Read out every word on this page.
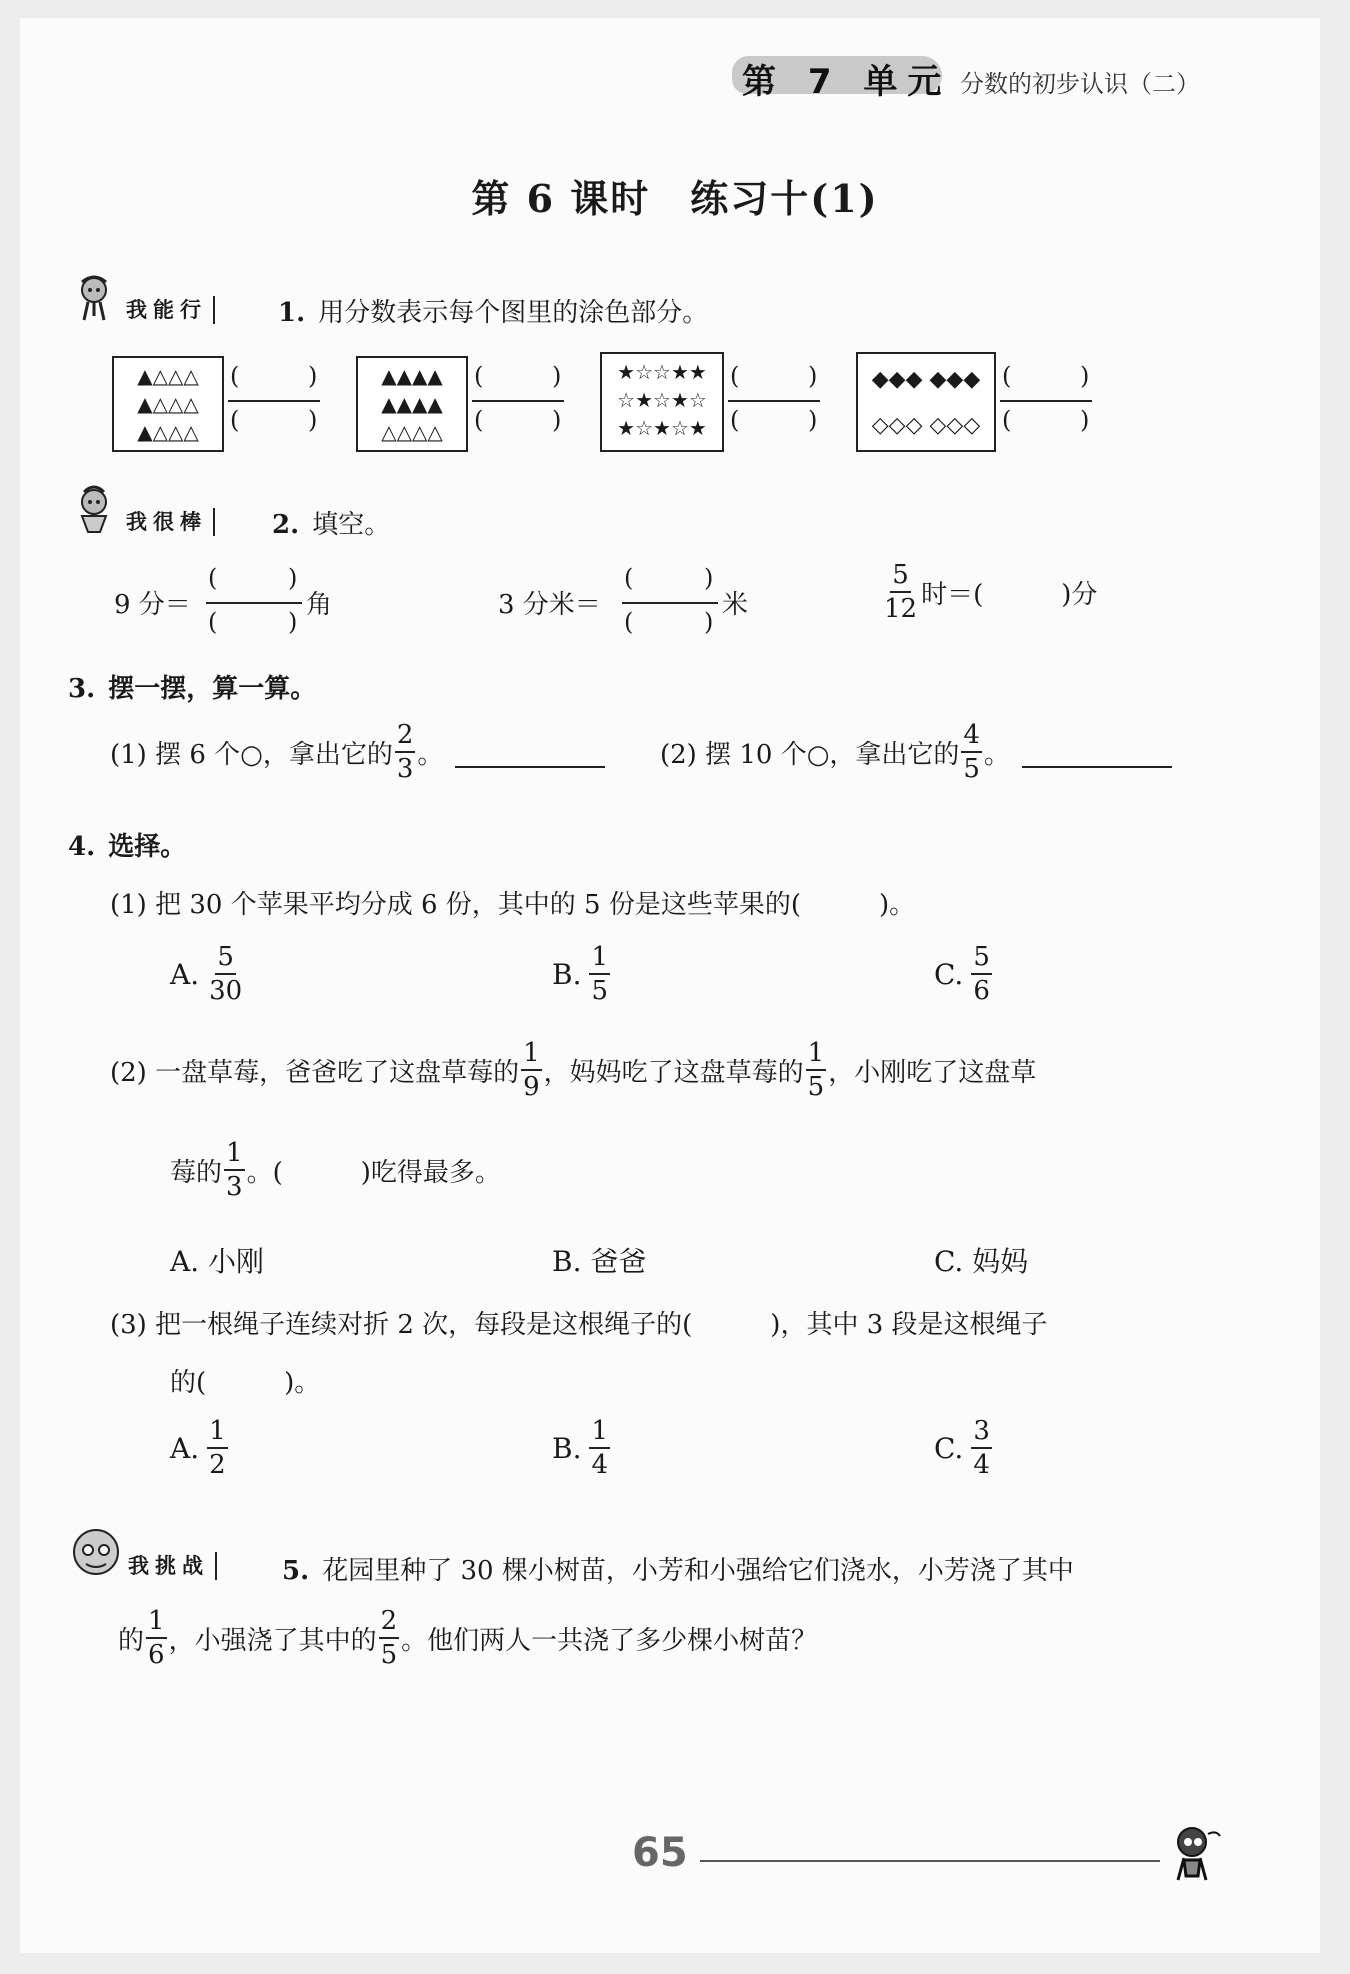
第 7 单元 分数的初步认识（二）
第 6 课时　练习十(1)
我能行	1. 用分数表示每个图里的涂色部分。
▲△△△
▲△△△
▲△△△
(	)
(	)
▲▲▲▲
▲▲▲▲
△△△△
(	)
(	)
★☆☆★★
☆★☆★☆
★☆★☆★
(	)
(	)
◆◆◆ ◆◆◆
◇◇◇ ◇◇◇
(	)
(	)
我很棒	2. 填空。
9 分＝
(	)
(	)
角	3 分米＝
(	)
(	)
米	$\frac{5}{12}$ 时＝(　　　)分
3. 摆一摆，算一算。
(1) 摆 6 个○，拿出它的 $\frac{2}{3}$ 。	(2) 摆 10 个○，拿出它的 $\frac{4}{5}$ 。
4. 选择。
(1) 把 30 个苹果平均分成 6 份，其中的 5 份是这些苹果的(　　　)。
A. $\frac{5}{30}$	B. $\frac{1}{5}$	C. $\frac{5}{6}$
(2) 一盘草莓，爸爸吃了这盘草莓的 $\frac{1}{9}$ ，妈妈吃了这盘草莓的 $\frac{1}{5}$ ，小刚吃了这盘草
莓的 $\frac{1}{3}$ 。(　　　)吃得最多。
A. 小刚	B. 爸爸	C. 妈妈
(3) 把一根绳子连续对折 2 次，每段是这根绳子的(　　　)，其中 3 段是这根绳子
的(　　　)。
A. $\frac{1}{2}$	B. $\frac{1}{4}$	C. $\frac{3}{4}$
我挑战	5. 花园里种了 30 棵小树苗，小芳和小强给它们浇水，小芳浇了其中
的 $\frac{1}{6}$ ，小强浇了其中的 $\frac{2}{5}$ 。他们两人一共浇了多少棵小树苗？
65
